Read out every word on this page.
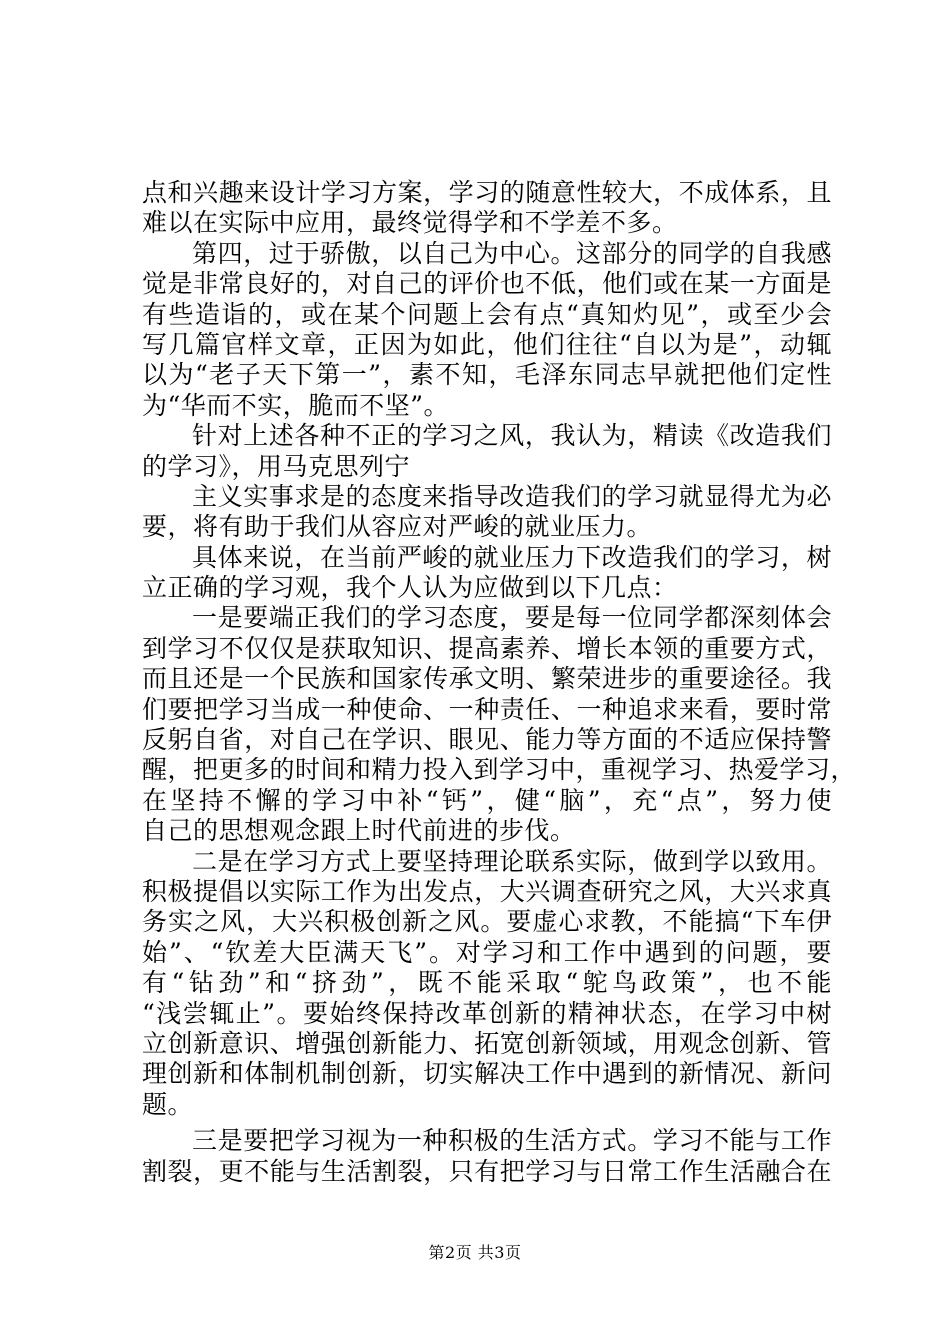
点和兴趣来设计学习方案，学习的随意性较大，不成体系，且
难以在实际中应用，最终觉得学和不学差不多。
第四，过于骄傲，以自己为中心。这部分的同学的自我感
觉是非常良好的，对自己的评价也不低，他们或在某一方面是
有些造诣的，或在某个问题上会有点“真知灼见”，或至少会
写几篇官样文章，正因为如此，他们往往“自以为是”，动辄
以为“老子天下第一”，素不知，毛泽东同志早就把他们定性
为“华而不实，脆而不坚”。
针对上述各种不正的学习之风，我认为，精读《改造我们
的学习》，用马克思列宁
主义实事求是的态度来指导改造我们的学习就显得尤为必
要，将有助于我们从容应对严峻的就业压力。
具体来说，在当前严峻的就业压力下改造我们的学习，树
立正确的学习观，我个人认为应做到以下几点：
一是要端正我们的学习态度，要是每一位同学都深刻体会
到学习不仅仅是获取知识、提高素养、增长本领的重要方式，
而且还是一个民族和国家传承文明、繁荣进步的重要途径。我
们要把学习当成一种使命、一种责任、一种追求来看，要时常
反躬自省，对自己在学识、眼见、能力等方面的不适应保持警
醒，把更多的时间和精力投入到学习中，重视学习、热爱学习，
在坚持不懈的学习中补“钙”，健“脑”，充“点”，努力使
自己的思想观念跟上时代前进的步伐。
二是在学习方式上要坚持理论联系实际，做到学以致用。
积极提倡以实际工作为出发点，大兴调查研究之风，大兴求真
务实之风，大兴积极创新之风。要虚心求教，不能搞“下车伊
始”、“钦差大臣满天飞”。对学习和工作中遇到的问题，要
有“钻劲”和“挤劲”，既不能采取“鸵鸟政策”，也不能
“浅尝辄止”。要始终保持改革创新的精神状态，在学习中树
立创新意识、增强创新能力、拓宽创新领域，用观念创新、管
理创新和体制机制创新，切实解决工作中遇到的新情况、新问
题。
三是要把学习视为一种积极的生活方式。学习不能与工作
割裂，更不能与生活割裂，只有把学习与日常工作生活融合在
第2页 共3页
